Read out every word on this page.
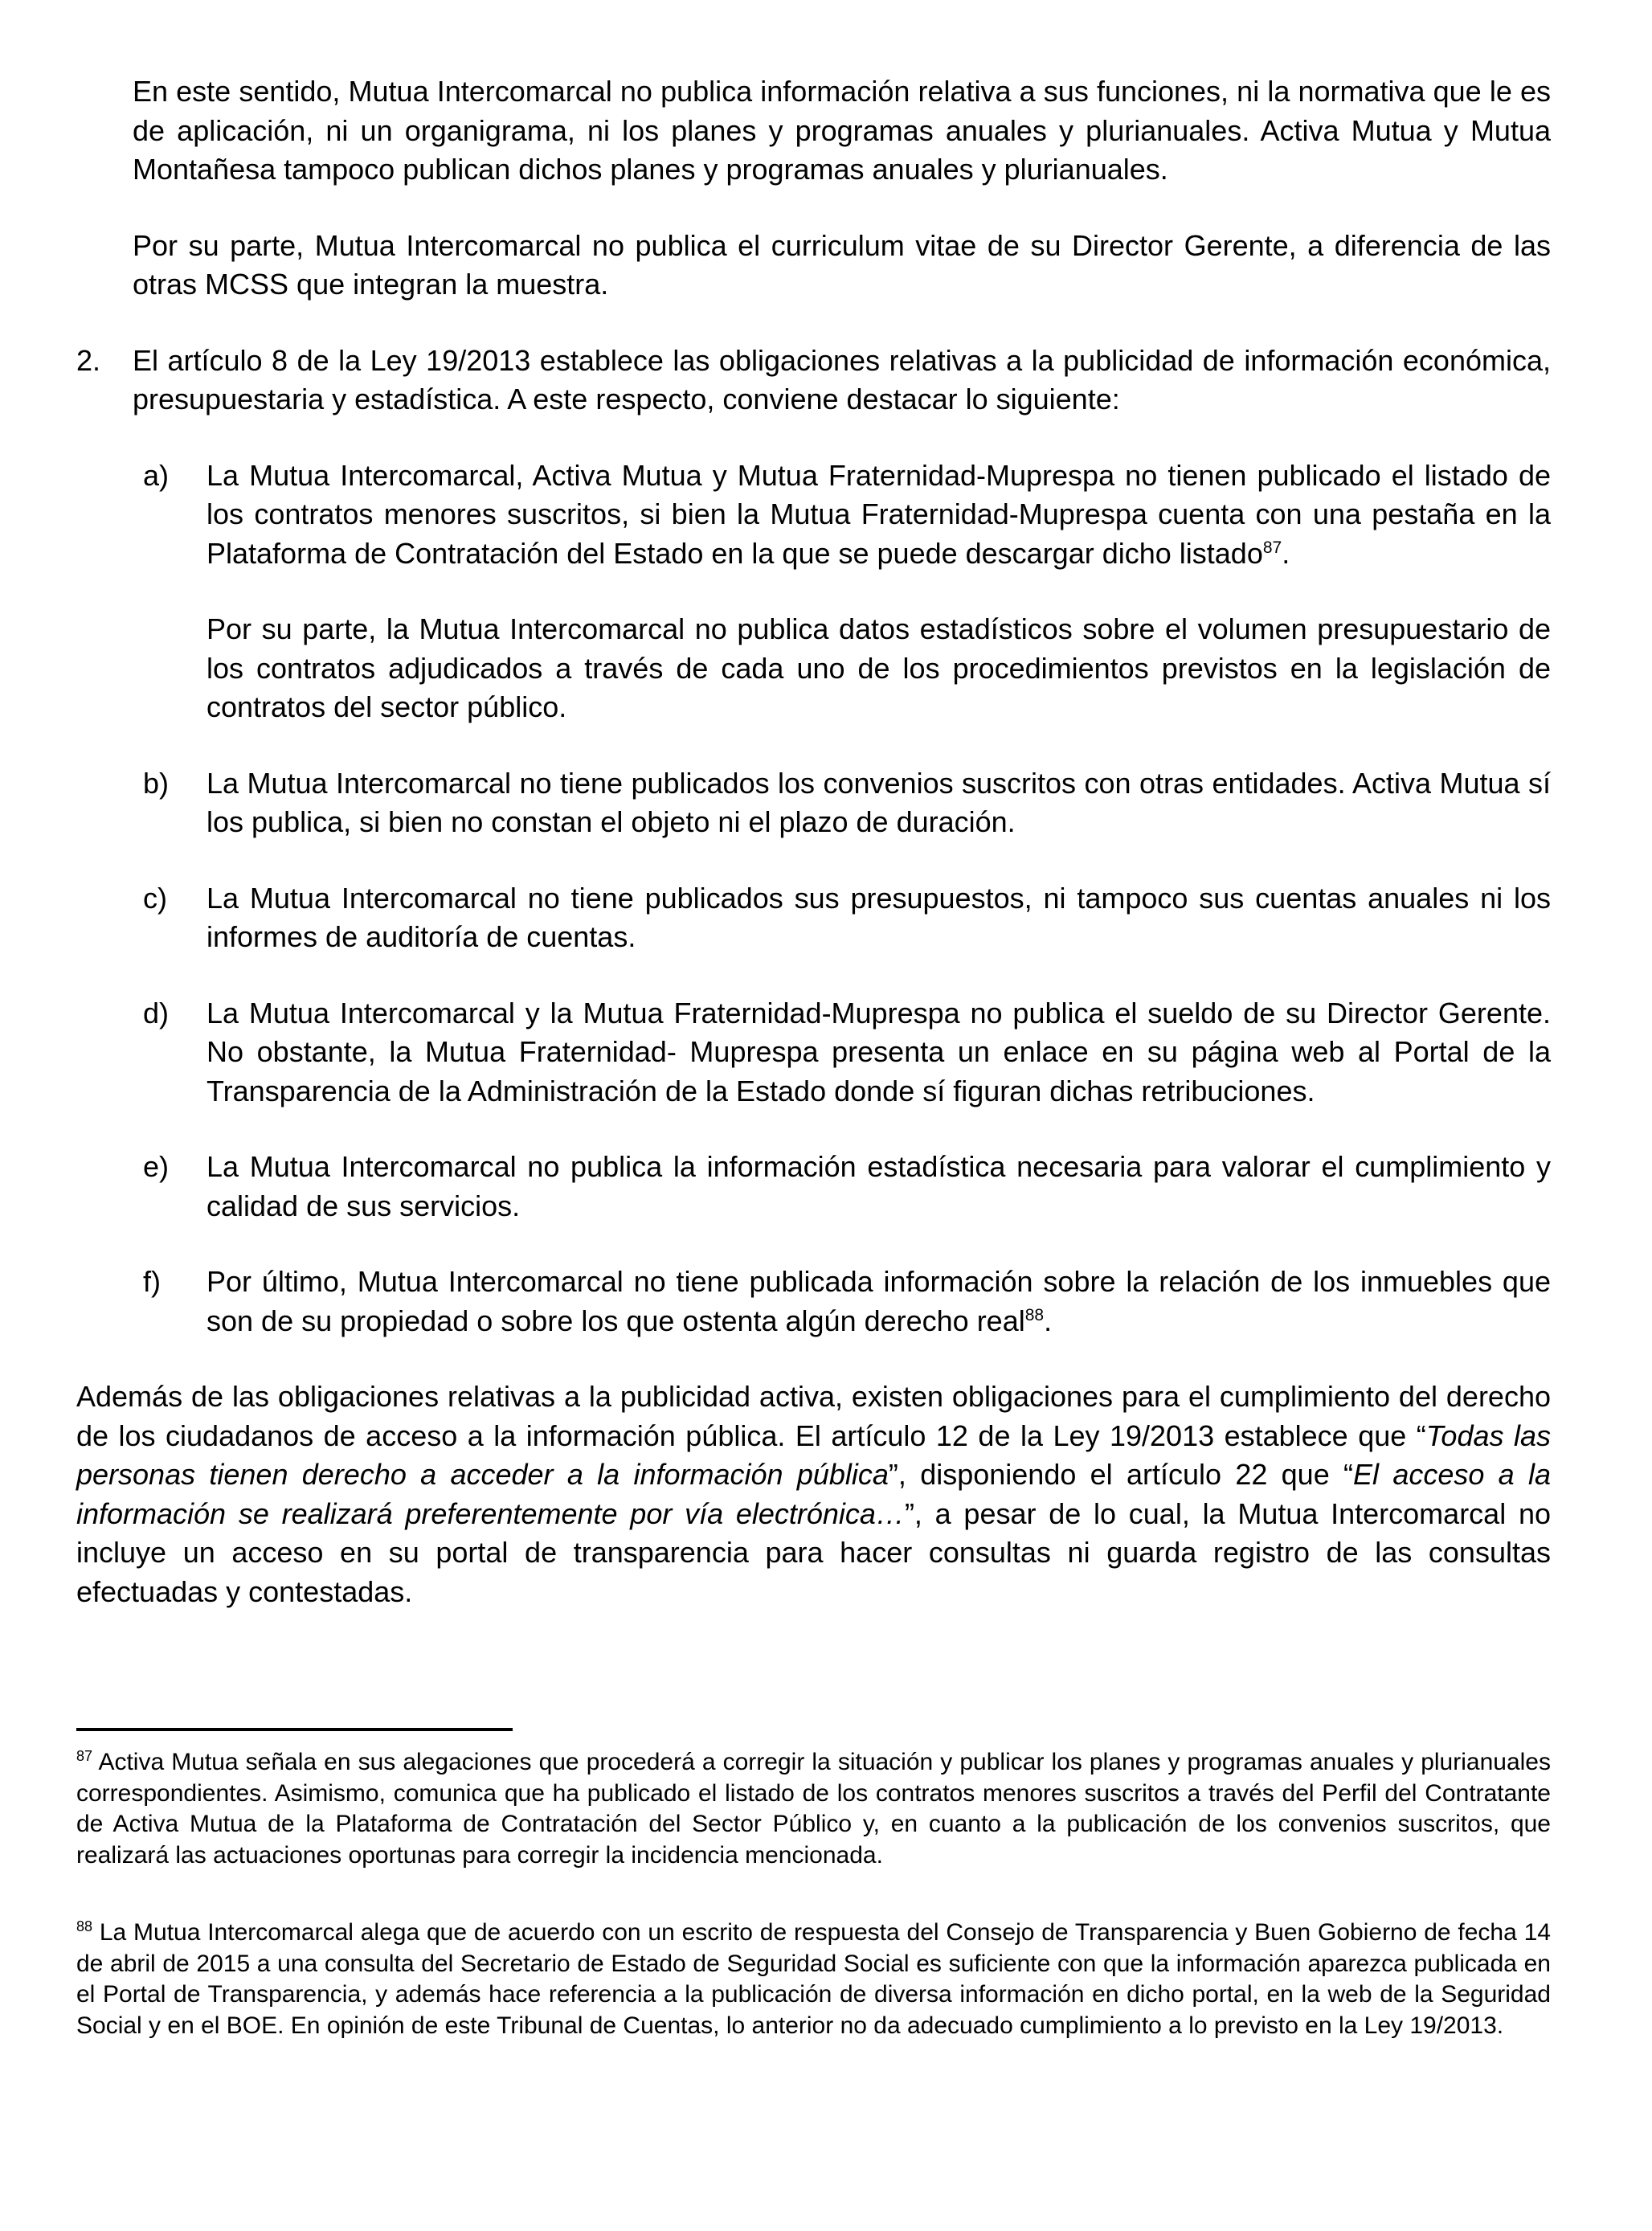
En este sentido, Mutua Intercomarcal no publica información relativa a sus funciones, ni la normativa que le es de aplicación, ni un organigrama, ni los planes y programas anuales y plurianuales. Activa Mutua y Mutua Montañesa tampoco publican dichos planes y programas anuales y plurianuales.

Por su parte, Mutua Intercomarcal no publica el curriculum vitae de su Director Gerente, a diferencia de las otras MCSS que integran la muestra.

2. El artículo 8 de la Ley 19/2013 establece las obligaciones relativas a la publicidad de información económica, presupuestaria y estadística. A este respecto, conviene destacar lo siguiente:

a) La Mutua Intercomarcal, Activa Mutua y Mutua Fraternidad-Muprespa no tienen publicado el listado de los contratos menores suscritos, si bien la Mutua Fraternidad-Muprespa cuenta con una pestaña en la Plataforma de Contratación del Estado en la que se puede descargar dicho listado$^{87}$.

Por su parte, la Mutua Intercomarcal no publica datos estadísticos sobre el volumen presupuestario de los contratos adjudicados a través de cada uno de los procedimientos previstos en la legislación de contratos del sector público.

b) La Mutua Intercomarcal no tiene publicados los convenios suscritos con otras entidades. Activa Mutua sí los publica, si bien no constan el objeto ni el plazo de duración.

c) La Mutua Intercomarcal no tiene publicados sus presupuestos, ni tampoco sus cuentas anuales ni los informes de auditoría de cuentas.

d) La Mutua Intercomarcal y la Mutua Fraternidad-Muprespa no publica el sueldo de su Director Gerente. No obstante, la Mutua Fraternidad- Muprespa presenta un enlace en su página web al Portal de la Transparencia de la Administración de la Estado donde sí figuran dichas retribuciones.

e) La Mutua Intercomarcal no publica la información estadística necesaria para valorar el cumplimiento y calidad de sus servicios.

f) Por último, Mutua Intercomarcal no tiene publicada información sobre la relación de los inmuebles que son de su propiedad o sobre los que ostenta algún derecho real$^{88}$.

Además de las obligaciones relativas a la publicidad activa, existen obligaciones para el cumplimiento del derecho de los ciudadanos de acceso a la información pública. El artículo 12 de la Ley 19/2013 establece que “Todas las personas tienen derecho a acceder a la información pública”, disponiendo el artículo 22 que “El acceso a la información se realizará preferentemente por vía electrónica…”, a pesar de lo cual, la Mutua Intercomarcal no incluye un acceso en su portal de transparencia para hacer consultas ni guarda registro de las consultas efectuadas y contestadas.

$^{87}$ Activa Mutua señala en sus alegaciones que procederá a corregir la situación y publicar los planes y programas anuales y plurianuales correspondientes. Asimismo, comunica que ha publicado el listado de los contratos menores suscritos a través del Perfil del Contratante de Activa Mutua de la Plataforma de Contratación del Sector Público y, en cuanto a la publicación de los convenios suscritos, que realizará las actuaciones oportunas para corregir la incidencia mencionada.

$^{88}$ La Mutua Intercomarcal alega que de acuerdo con un escrito de respuesta del Consejo de Transparencia y Buen Gobierno de fecha 14 de abril de 2015 a una consulta del Secretario de Estado de Seguridad Social es suficiente con que la información aparezca publicada en el Portal de Transparencia, y además hace referencia a la publicación de diversa información en dicho portal, en la web de la Seguridad Social y en el BOE. En opinión de este Tribunal de Cuentas, lo anterior no da adecuado cumplimiento a lo previsto en la Ley 19/2013.
